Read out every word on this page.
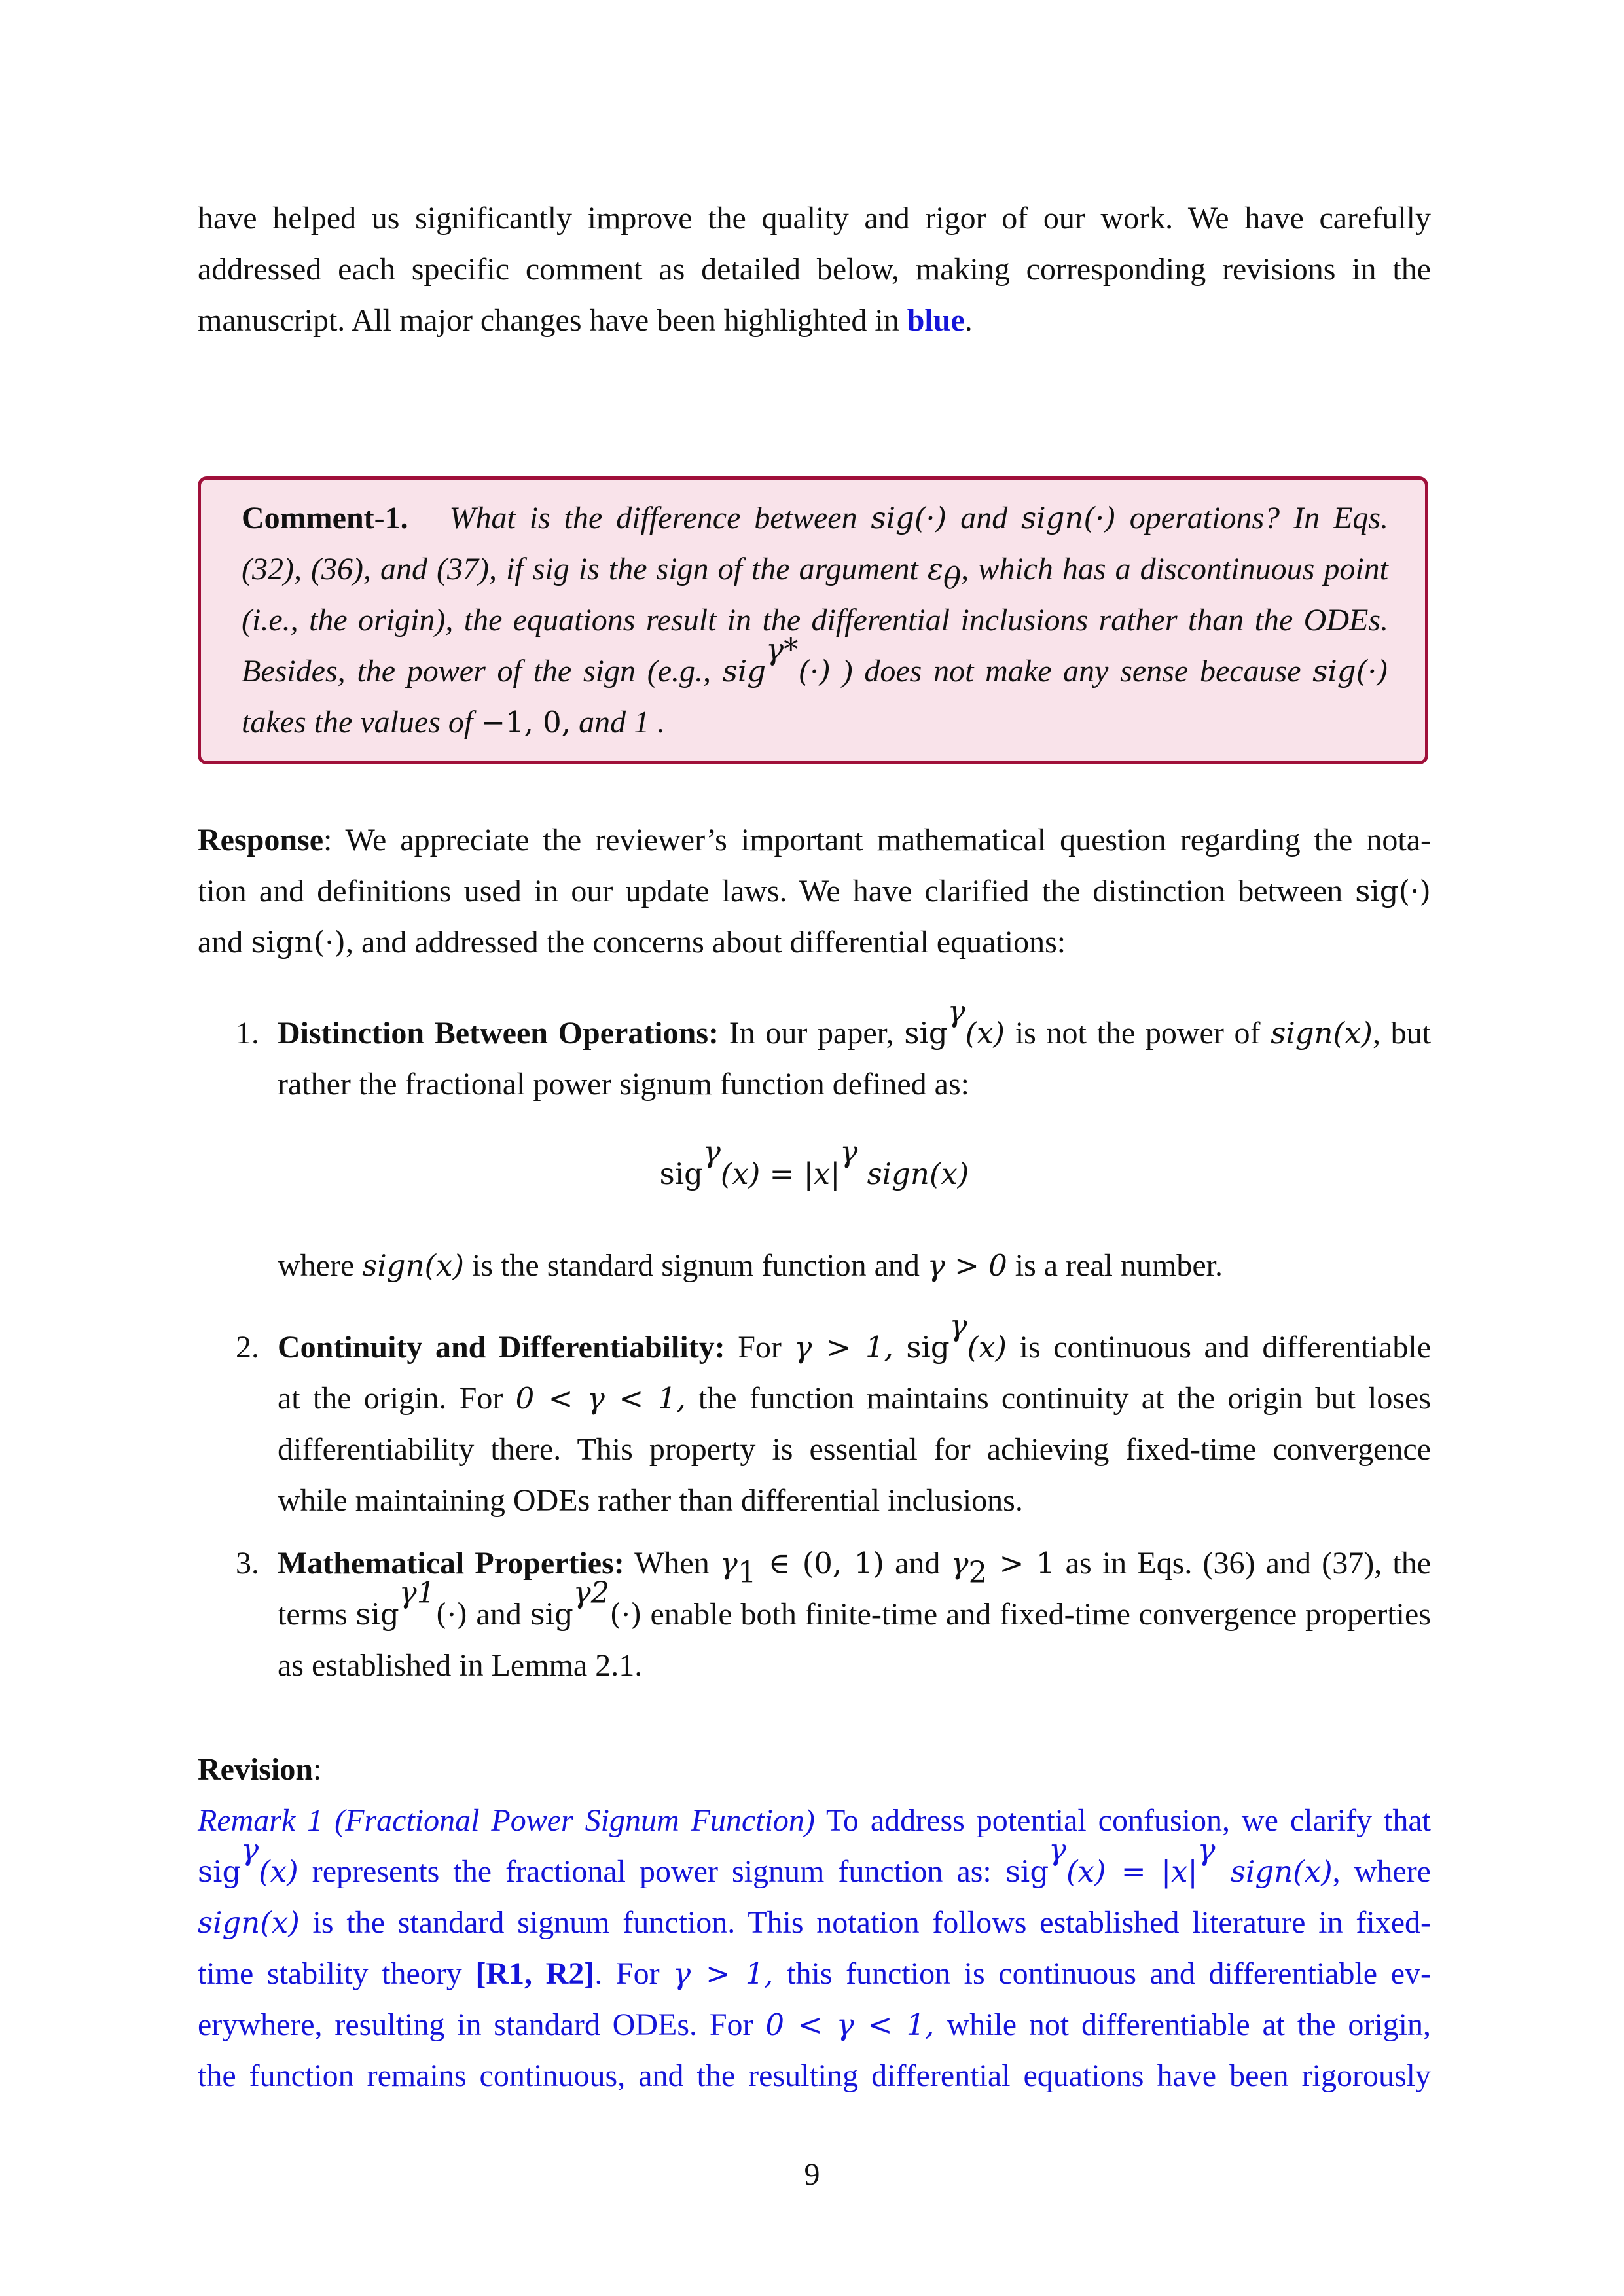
have helped us significantly improve the quality and rigor of our work. We have carefully
addressed each specific comment as detailed below, making corresponding revisions in the
manuscript. All major changes have been highlighted in blue.
Comment-1. What is the difference between sig(·) and sign(·) operations? In Eqs.
(32), (36), and (37), if sig is the sign of the argument $\varepsilon_\theta$, which has a discontinuous point
(i.e., the origin), the equations result in the differential inclusions rather than the ODEs.
Besides, the power of the sign (e.g., sig$^{\gamma*}$(·) ) does not make any sense because sig(·)
takes the values of −1, 0, and 1 .
Response: We appreciate the reviewer’s important mathematical question regarding the nota-
tion and definitions used in our update laws. We have clarified the distinction between sig(·)
and sign(·), and addressed the concerns about differential equations:
1. Distinction Between Operations: In our paper, sig$^\gamma$(x) is not the power of sign(x), but
rather the fractional power signum function defined as:
$sig^\gamma(x) = |x|^\gamma$ sign(x)
where sign(x) is the standard signum function and γ > 0 is a real number.
2. Continuity and Differentiability: For γ > 1, sig$^\gamma$(x) is continuous and differentiable
at the origin. For 0 < γ < 1, the function maintains continuity at the origin but loses
differentiability there. This property is essential for achieving fixed-time convergence
while maintaining ODEs rather than differential inclusions.
3. Mathematical Properties: When $\gamma_1$ ∈ (0, 1) and $\gamma_2 > 1$ as in Eqs. (36) and (37), the
terms sig$^{\gamma 1}$(·) and sig$^{\gamma 2}$(·) enable both finite-time and fixed-time convergence properties
as established in Lemma 2.1.
Revision:
Remark 1 (Fractional Power Signum Function) To address potential confusion, we clarify that
sig$^\gamma$(x) represents the fractional power signum function as: $sig^\gamma(x) = |x|^\gamma$ sign(x), where
sign(x) is the standard signum function. This notation follows established literature in fixed-
time stability theory [R1, R2]. For γ > 1, this function is continuous and differentiable ev-
erywhere, resulting in standard ODEs. For 0 < γ < 1, while not differentiable at the origin,
the function remains continuous, and the resulting differential equations have been rigorously
9
